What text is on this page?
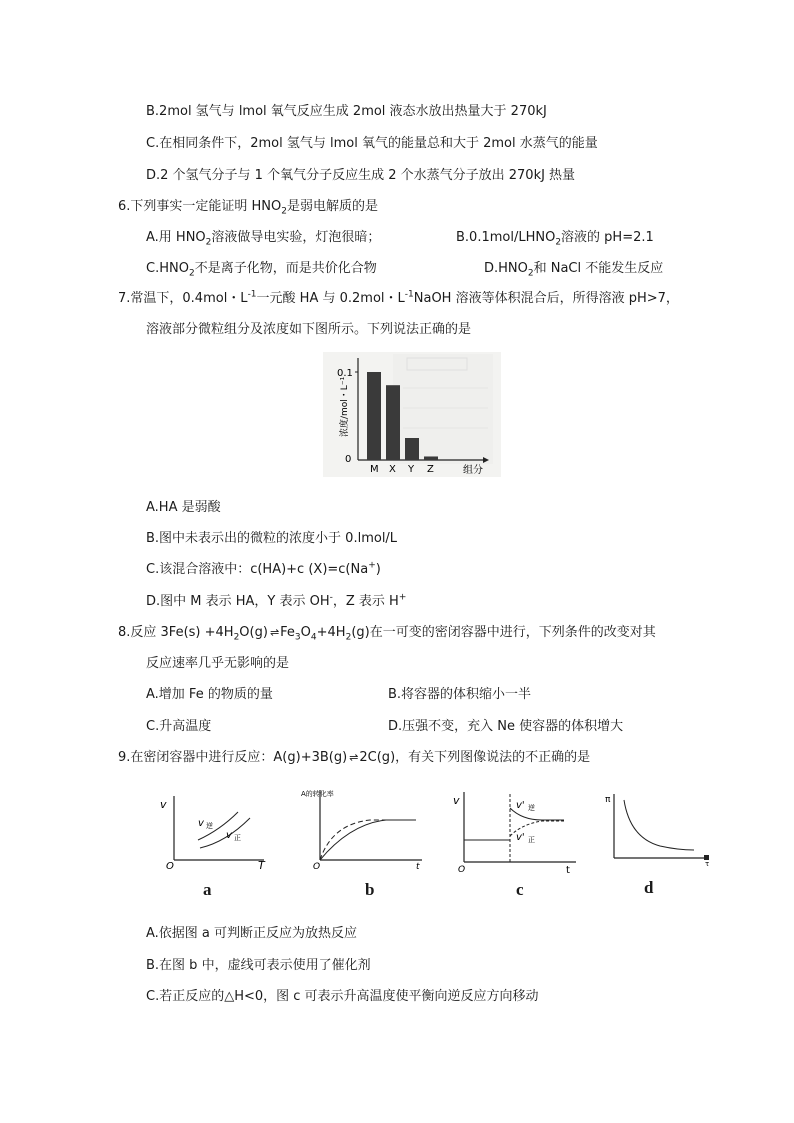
B.2mol 氢气与 lmol 氧气反应生成 2mol 液态水放出热量大于 270kJ
C.在相同条件下，2mol 氢气与 lmol 氧气的能量总和大于 2mol 水蒸气的能量
D.2 个氢气分子与 1 个氧气分子反应生成 2 个水蒸气分子放出 270kJ 热量
6.下列事实一定能证明 $HNO_2$是弱电解质的是
A.用 $HNO_2$溶液做导电实验，灯泡很暗；	$B.0.1mol/LHNO_2$溶液的 pH=2.1
$C.HNO_2$不是离子化物，而是共价化合物	$D.HNO_2$和 NaCl 不能发生反应
7.常温下，0.4mol・$L^{-1}$一元酸 HA 与 0.2mol・$L^{-1}NaOH$ 溶液等体积混合后，所得溶液 pH>7，
溶液部分微粒组分及浓度如下图所示。下列说法正确的是
0.1
0
浓度/mol・L⁻¹
组分
M X Y Z
A.HA 是弱酸
B.图中未表示出的微粒的浓度小于 0.lmol/L
C.该混合溶液中：c(HA)+c (X)=c(Na+)
D.图中 M 表示 HA，Y 表示 OH-，Z 表示 H+
8.反应 $3Fe(s) +4H_2O(g)$ ⇌ $Fe_3O_4+4H_2(g)$在一可变的密闭容器中进行，下列条件的改变对其
反应速率几乎无影响的是
A.增加 Fe 的物质的量	B.将容器的体积缩小一半
C.升高温度	D.压强不变，充入 Ne 使容器的体积增大
9.在密闭容器中进行反应：A(g)+3B(g) ⇌ 2C(g)，有关下列图像说法的不正确的是
v
T
O
v 逆
v 正
a
A的转化率
t
O
b
v
t
O
v' 逆
v' 正
c
π
τ
d
A.依据图 a 可判断正反应为放热反应
B.在图 b 中，虚线可表示使用了催化剂
C.若正反应的△H<0，图 c 可表示升高温度使平衡向逆反应方向移动
